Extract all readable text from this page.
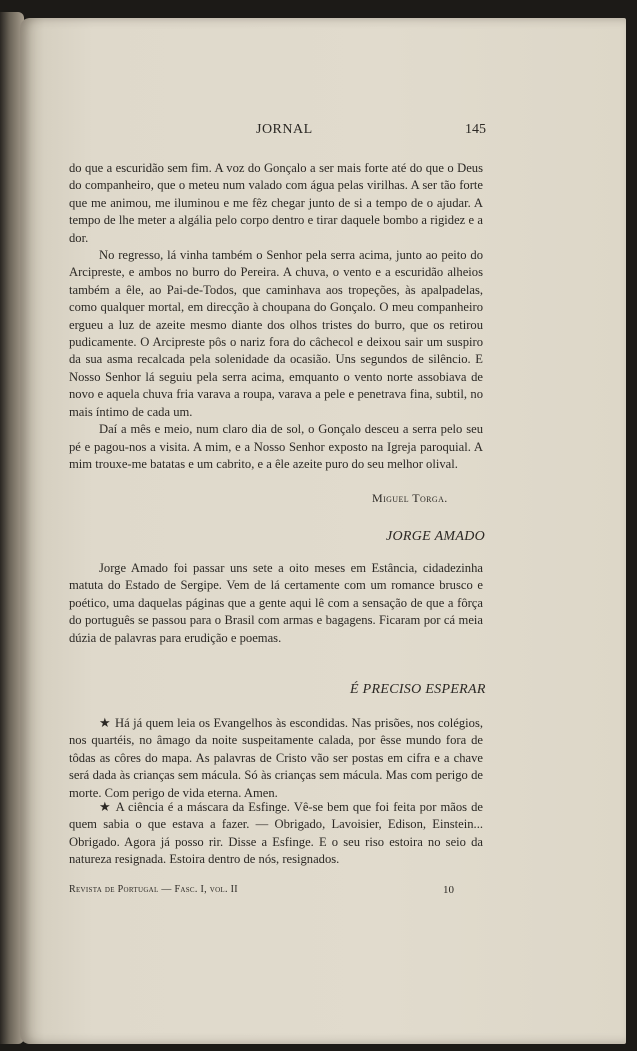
JORNAL	145

do que a escuridão sem fim. A voz do Gonçalo a ser mais forte até do que o Deus do companheiro, que o meteu num valado com água pelas virilhas. A ser tão forte que me animou, me iluminou e me fêz chegar junto de si a tempo de o ajudar. A tempo de lhe meter a algália pelo corpo dentro e tirar daquele bombo a rigidez e a dor.

No regresso, lá vinha também o Senhor pela serra acima, junto ao peito do Arcipreste, e ambos no burro do Pereira. A chuva, o vento e a escuridão alheios também a êle, ao Pai-de-Todos, que caminhava aos tropeções, às apalpadelas, como qualquer mortal, em direcção à choupana do Gonçalo. O meu companheiro ergueu a luz de azeite mesmo diante dos olhos tristes do burro, que os retirou pudicamente. O Arcipreste pôs o nariz fora do câchecol e deixou sair um suspiro da sua asma recalcada pela solenidade da ocasião. Uns segundos de silêncio. E Nosso Senhor lá seguiu pela serra acima, emquanto o vento norte assobiava de novo e aquela chuva fria varava a roupa, varava a pele e penetrava fina, subtil, no mais íntimo de cada um.

Daí a mês e meio, num claro dia de sol, o Gonçalo desceu a serra pelo seu pé e pagou-nos a visita. A mim, e a Nosso Senhor exposto na Igreja paroquial. A mim trouxe-me batatas e um cabrito, e a êle azeite puro do seu melhor olival.

Miguel Torga.
JORGE AMADO

Jorge Amado foi passar uns sete a oito meses em Estância, cidadezinha matuta do Estado de Sergipe. Vem de lá certamente com um romance brusco e poético, uma daquelas páginas que a gente aqui lê com a sensação de que a fôrça do português se passou para o Brasil com armas e bagagens. Ficaram por cá meia dúzia de palavras para erudição e poemas.

É PRECISO ESPERAR

★ Há já quem leia os Evangelhos às escondidas. Nas prisões, nos colégios, nos quartéis, no âmago da noite suspeitamente calada, por êsse mundo fora de tôdas as côres do mapa. As palavras de Cristo vão ser postas em cifra e a chave será dada às crianças sem mácula. Só às crianças sem mácula. Mas com perigo de morte. Com perigo de vida eterna. Amen.

★ A ciência é a máscara da Esfinge. Vê-se bem que foi feita por mãos de quem sabia o que estava a fazer. — Obrigado, Lavoisier, Edison, Einstein... Obrigado. Agora já posso rir. Disse a Esfinge. E o seu riso estoira no seio da natureza resignada. Estoira dentro de nós, resignados.

Revista de Portugal — Fasc. I, vol. II	10
